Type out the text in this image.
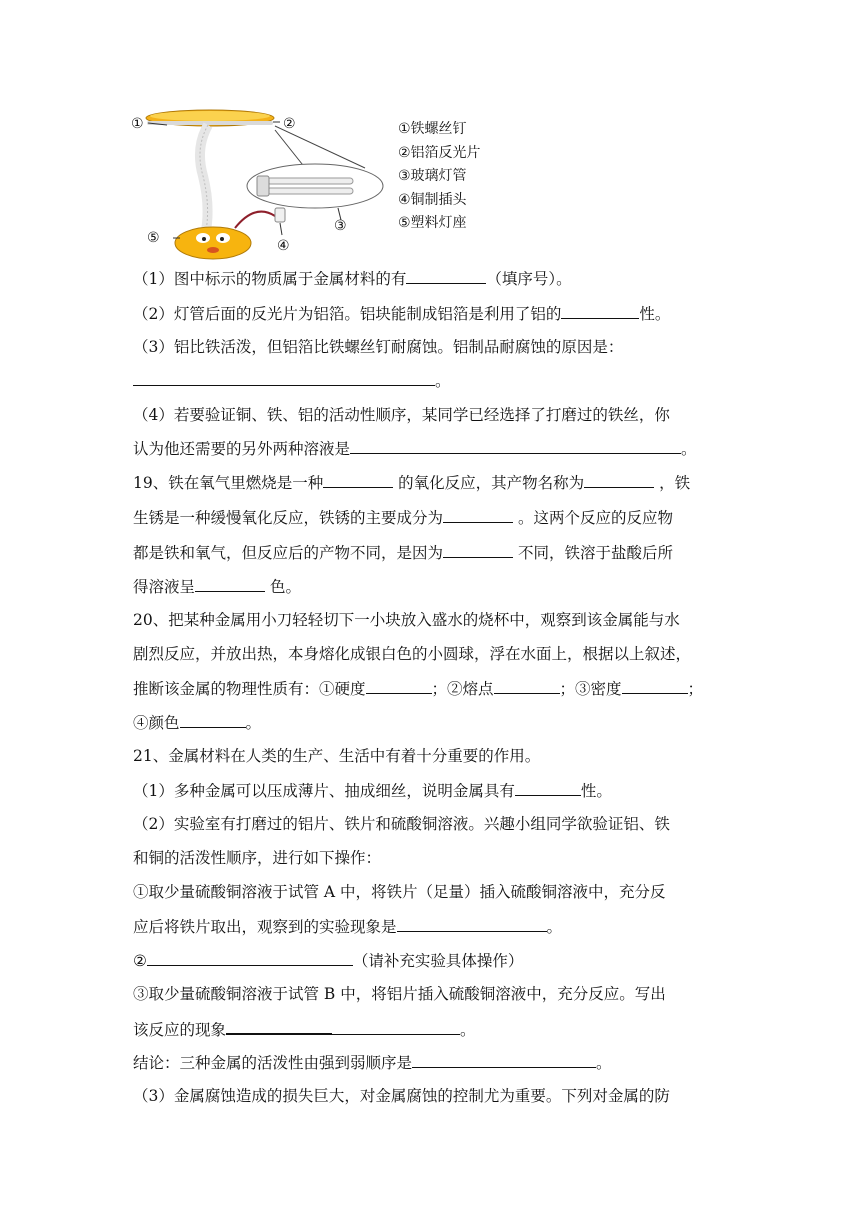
①	②
③
④
⑤
①铁螺丝钉
②铝箔反光片
③玻璃灯管
④铜制插头
⑤塑料灯座
（1）图中标示的物质属于金属材料的有	（填序号）。
（2）灯管后面的反光片为铝箔。铝块能制成铝箔是利用了铝的	性。
（3）铝比铁活泼，但铝箔比铁螺丝钉耐腐蚀。铝制品耐腐蚀的原因是：
。
（4）若要验证铜、铁、铝的活动性顺序，某同学已经选择了打磨过的铁丝，你
认为他还需要的另外两种溶液是	。
19、铁在氧气里燃烧是一种	的氧化反应，其产物名称为	，铁
生锈是一种缓慢氧化反应，铁锈的主要成分为	。这两个反应的反应物
都是铁和氧气，但反应后的产物不同，是因为	不同，铁溶于盐酸后所
得溶液呈	色。
20、把某种金属用小刀轻轻切下一小块放入盛水的烧杯中，观察到该金属能与水
剧烈反应，并放出热，本身熔化成银白色的小圆球，浮在水面上，根据以上叙述，
推断该金属的物理性质有：①硬度	；②熔点	；③密度	；
④颜色	。
21、金属材料在人类的生产、生活中有着十分重要的作用。
（1）多种金属可以压成薄片、抽成细丝，说明金属具有	性。
（2）实验室有打磨过的铝片、铁片和硫酸铜溶液。兴趣小组同学欲验证铝、铁
和铜的活泼性顺序，进行如下操作：
①取少量硫酸铜溶液于试管 A 中，将铁片（足量）插入硫酸铜溶液中，充分反
应后将铁片取出，观察到的实验现象是	。
②	（请补充实验具体操作）
③取少量硫酸铜溶液于试管 B 中，将铝片插入硫酸铜溶液中，充分反应。写出
该反应的现象	。
结论：三种金属的活泼性由强到弱顺序是	。
（3）金属腐蚀造成的损失巨大，对金属腐蚀的控制尤为重要。下列对金属的防
